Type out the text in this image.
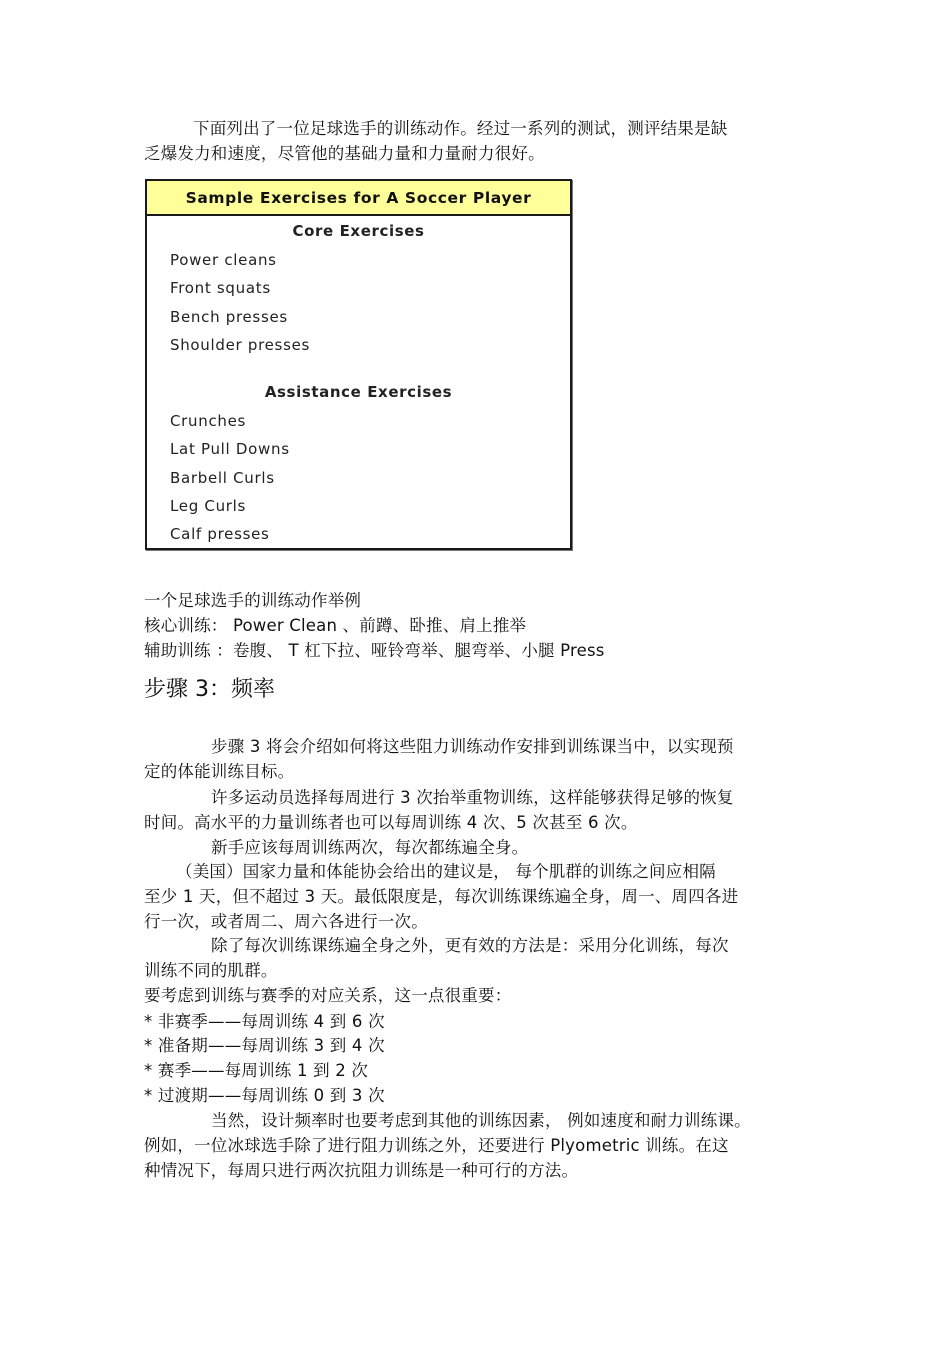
下面列出了一位足球选手的训练动作。经过一系列的测试，测评结果是缺
乏爆发力和速度，尽管他的基础力量和力量耐力很好。
Sample Exercises for A Soccer Player
Core Exercises
Power cleans
Front squats
Bench presses
Shoulder presses
Assistance Exercises
Crunches
Lat Pull Downs
Barbell Curls
Leg Curls
Calf presses
一个足球选手的训练动作举例
核心训练： Power Clean 、前蹲、卧推、肩上推举
辅助训练 ：卷腹、 T 杠下拉、哑铃弯举、腿弯举、小腿 Press
步骤 3：频率
步骤 3 将会介绍如何将这些阻力训练动作安排到训练课当中，以实现预
定的体能训练目标。
许多运动员选择每周进行 3 次抬举重物训练，这样能够获得足够的恢复
时间。高水平的力量训练者也可以每周训练 4 次、5 次甚至 6 次。
新手应该每周训练两次，每次都练遍全身。
（美国）国家力量和体能协会给出的建议是， 每个肌群的训练之间应相隔
至少 1 天，但不超过 3 天。最低限度是，每次训练课练遍全身，周一、周四各进
行一次，或者周二、周六各进行一次。
除了每次训练课练遍全身之外，更有效的方法是：采用分化训练，每次
训练不同的肌群。
要考虑到训练与赛季的对应关系，这一点很重要：
* 非赛季——每周训练 4 到 6 次
* 准备期——每周训练 3 到 4 次
* 赛季——每周训练 1 到 2 次
* 过渡期——每周训练 0 到 3 次
当然，设计频率时也要考虑到其他的训练因素， 例如速度和耐力训练课。
例如，一位冰球选手除了进行阻力训练之外，还要进行 Plyometric 训练。在这
种情况下，每周只进行两次抗阻力训练是一种可行的方法。
